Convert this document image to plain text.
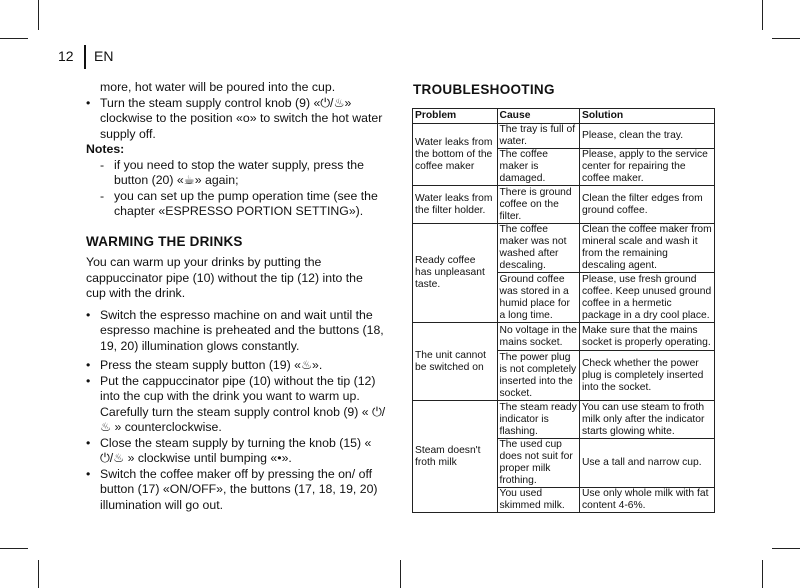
12 EN

more, hot water will be poured into the cup.

• Turn the steam supply control knob (9) «⏻/♨» clockwise to the position «o» to switch the hot water supply off.

Notes:

- if you need to stop the water supply, press the button (20) «☕» again;

- you can set up the pump operation time (see the chapter «ESPRESSO PORTION SETTING»).

WARMING THE DRINKS

You can warm up your drinks by putting the cappuccinator pipe (10) without the tip (12) into the cup with the drink.

• Switch the espresso machine on and wait until the espresso machine is preheated and the buttons (18, 19, 20) illumination glows constantly.

• Press the steam supply button (19) «♨».

• Put the cappuccinator pipe (10) without the tip (12) into the cup with the drink you want to warm up. Carefully turn the steam supply control knob (9) « ⏻/♨ » counterclockwise.

• Close the steam supply by turning the knob (15) « ⏻/♨ » clockwise until bumping «•».

• Switch the coffee maker off by pressing the on/ off button (17) «ON/OFF», the buttons (17, 18, 19, 20) illumination will go out.

TROUBLESHOOTING
Problem	Cause	Solution
Water leaks from the bottom of the coffee maker	The tray is full of water.	Please, clean the tray.
	The coffee maker is damaged.	Please, apply to the service center for repairing the coffee maker.
Water leaks from the filter holder.	There is ground coffee on the filter.	Clean the filter edges from ground coffee.
Ready coffee has unpleasant taste.	The coffee maker was not washed after descaling.	Clean the coffee maker from mineral scale and wash it from the remaining descaling agent.
	Ground coffee was stored in a humid place for a long time.	Please, use fresh ground coffee. Keep unused ground coffee in a hermetic package in a dry cool place.
The unit cannot be switched on	No voltage in the mains socket.	Make sure that the mains socket is properly operating.
	The power plug is not completely inserted into the socket.	Check whether the power plug is completely inserted into the socket.
Steam doesn't froth milk	The steam ready indicator is flashing.	You can use steam to froth milk only after the indicator starts glowing white.
	The used cup does not suit for proper milk frothing.	Use a tall and narrow cup.
	You used skimmed milk.	Use only whole milk with fat content 4-6%.
